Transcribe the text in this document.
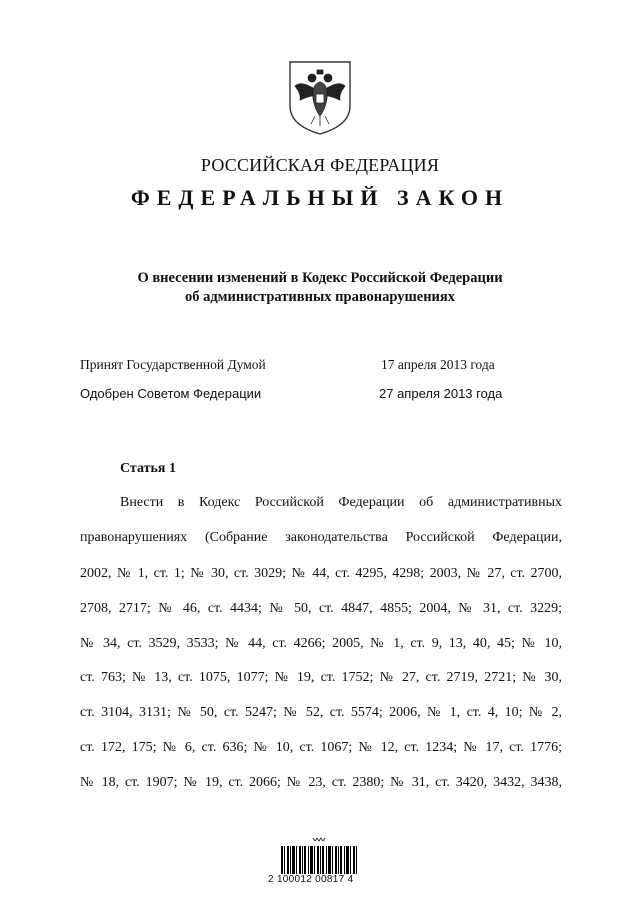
РОССИЙСКАЯ ФЕДЕРАЦИЯ
ФЕДЕРАЛЬНЫЙ ЗАКОН
О внесении изменений в Кодекс Российской Федерации
об административных правонарушениях
Принят Государственной Думой	17 апреля 2013 года
Одобрен Советом Федерации	27 апреля 2013 года
Статья 1
Внести в Кодекс Российской Федерации об административных
правонарушениях (Собрание законодательства Российской Федерации,
2002, № 1, ст. 1; № 30, ст. 3029; № 44, ст. 4295, 4298; 2003, № 27, ст. 2700,
2708, 2717; № 46, ст. 4434; № 50, ст. 4847, 4855; 2004, № 31, ст. 3229;
№ 34, ст. 3529, 3533; № 44, ст. 4266; 2005, № 1, ст. 9, 13, 40, 45; № 10,
ст. 763; № 13, ст. 1075, 1077; № 19, ст. 1752; № 27, ст. 2719, 2721; № 30,
ст. 3104, 3131; № 50, ст. 5247; № 52, ст. 5574; 2006, № 1, ст. 4, 10; № 2,
ст. 172, 175; № 6, ст. 636; № 10, ст. 1067; № 12, ст. 1234; № 17, ст. 1776;
№ 18, ст. 1907; № 19, ст. 2066; № 23, ст. 2380; № 31, ст. 3420, 3432, 3438,
2 100012 00817 4
